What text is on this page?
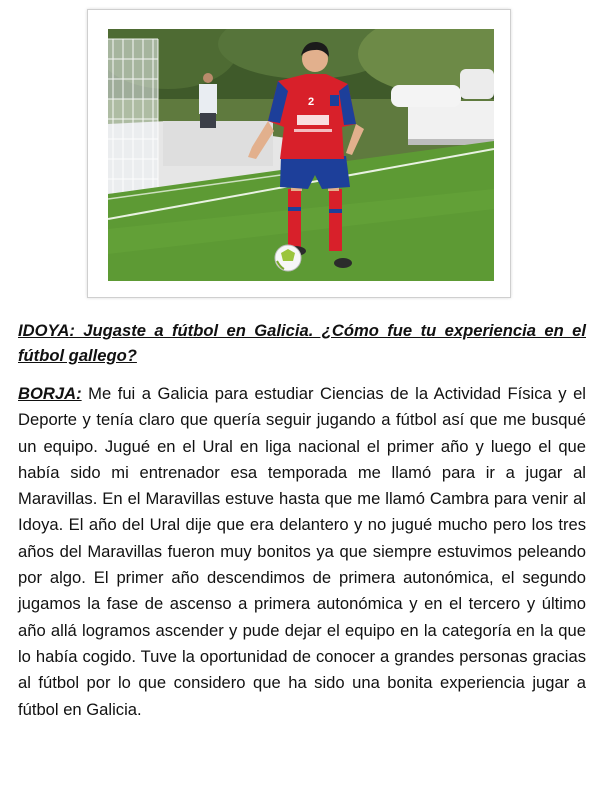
2

IDOYA: Jugaste a fútbol en Galicia. ¿Cómo fue tu experiencia en el fútbol gallego?

BORJA: Me fui a Galicia para estudiar Ciencias de la Actividad Física y el Deporte y tenía claro que quería seguir jugando a fútbol así que me busqué un equipo. Jugué en el Ural en liga nacional el primer año y luego el que había sido mi entrenador esa temporada me llamó para ir a jugar al Maravillas. En el Maravillas estuve hasta que me llamó Cambra para venir al Idoya. El año del Ural dije que era delantero y no jugué mucho pero los tres años del Maravillas fueron muy bonitos ya que siempre estuvimos peleando por algo. El primer año descendimos de primera autonómica, el segundo jugamos la fase de ascenso a primera autonómica y en el tercero y último año allá logramos ascender y pude dejar el equipo en la categoría en la que lo había cogido. Tuve la oportunidad de conocer a grandes personas gracias al fútbol por lo que considero que ha sido una bonita experiencia jugar a fútbol en Galicia.
